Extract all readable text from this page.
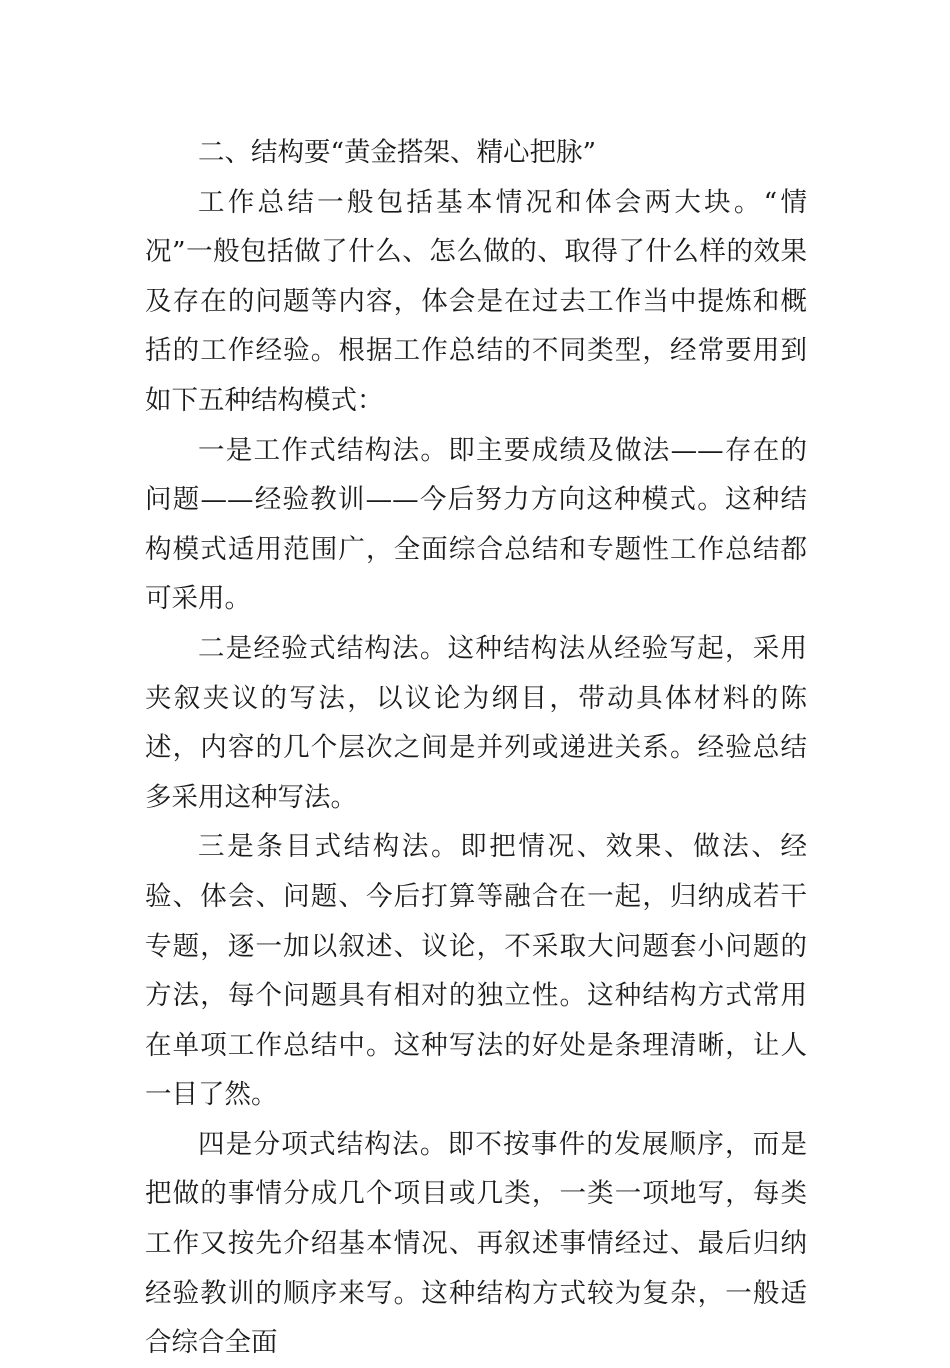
二、结构要“黄金搭架、精心把脉”

工作总结一般包括基本情况和体会两大块。“情况”一般包括做了什么、怎么做的、取得了什么样的效果及存在的问题等内容，体会是在过去工作当中提炼和概括的工作经验。根据工作总结的不同类型，经常要用到如下五种结构模式：

一是工作式结构法。即主要成绩及做法——存在的问题——经验教训——今后努力方向这种模式。这种结构模式适用范围广，全面综合总结和专题性工作总结都可采用。

二是经验式结构法。这种结构法从经验写起，采用夹叙夹议的写法，以议论为纲目，带动具体材料的陈述，内容的几个层次之间是并列或递进关系。经验总结多采用这种写法。

三是条目式结构法。即把情况、效果、做法、经验、体会、问题、今后打算等融合在一起，归纳成若干专题，逐一加以叙述、议论，不采取大问题套小问题的方法，每个问题具有相对的独立性。这种结构方式常用在单项工作总结中。这种写法的好处是条理清晰，让人一目了然。

四是分项式结构法。即不按事件的发展顺序，而是把做的事情分成几个项目或几类，一类一项地写，每类工作又按先介绍基本情况、再叙述事情经过、最后归纳经验教训的顺序来写。这种结构方式较为复杂，一般适合综合全面
